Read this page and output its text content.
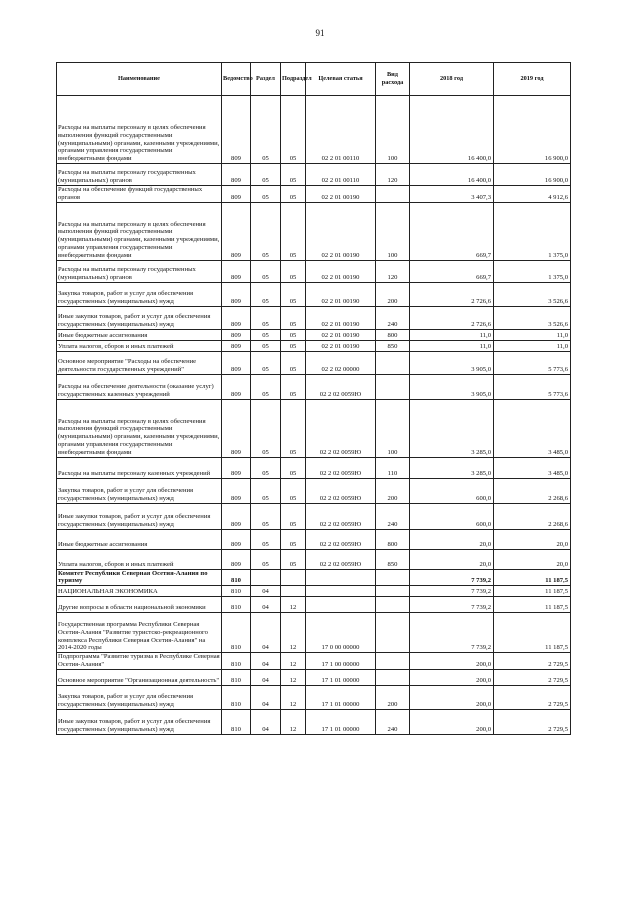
91
Наименование	Ведомство	Раздел	Подраздел	Целевая статья	Вид расхода	2018 год	2019 год
Расходы на выплаты персоналу в целях обеспечения выполнения функций государственными (муниципальными) органами, казенными учреждениями, органами управления государственными внебюджетными фондами	809	05	05	02 2 01 00110	100	16 400,0	16 900,0
Расходы на выплаты персоналу государственных (муниципальных) органов	809	05	05	02 2 01 00110	120	16 400,0	16 900,0
Расходы на обеспечение функций государственных органов	809	05	05	02 2 01 00190		3 407,3	4 912,6
Расходы на выплаты персоналу в целях обеспечения выполнения функций государственными (муниципальными) органами, казенными учреждениями, органами управления государственными внебюджетными фондами	809	05	05	02 2 01 00190	100	669,7	1 375,0
Расходы на выплаты персоналу государственных (муниципальных) органов	809	05	05	02 2 01 00190	120	669,7	1 375,0
Закупка товаров, работ и услуг для обеспечения государственных (муниципальных) нужд	809	05	05	02 2 01 00190	200	2 726,6	3 526,6
Иные закупки товаров, работ и услуг для обеспечения государственных (муниципальных) нужд	809	05	05	02 2 01 00190	240	2 726,6	3 526,6
Иные бюджетные ассигнования	809	05	05	02 2 01 00190	800	11,0	11,0
Уплата налогов, сборов и иных платежей	809	05	05	02 2 01 00190	850	11,0	11,0
Основное мероприятие "Расходы на обеспечение деятельности государственных учреждений"	809	05	05	02 2 02 00000		3 905,0	5 773,6
Расходы на обеспечение деятельности (оказание услуг) государственных казенных учреждений	809	05	05	02 2 02 0059Ю		3 905,0	5 773,6
Расходы на выплаты персоналу в целях обеспечения выполнения функций государственными (муниципальными) органами, казенными учреждениями, органами управления государственными внебюджетными фондами	809	05	05	02 2 02 0059Ю	100	3 285,0	3 485,0
Расходы на выплаты персоналу казенных учреждений	809	05	05	02 2 02 0059Ю	110	3 285,0	3 485,0
Закупка товаров, работ и услуг для обеспечения государственных (муниципальных) нужд	809	05	05	02 2 02 0059Ю	200	600,0	2 268,6
Иные закупки товаров, работ и услуг для обеспечения государственных (муниципальных) нужд	809	05	05	02 2 02 0059Ю	240	600,0	2 268,6
Иные бюджетные ассигнования	809	05	05	02 2 02 0059Ю	800	20,0	20,0
Уплата налогов, сборов и иных платежей	809	05	05	02 2 02 0059Ю	850	20,0	20,0
Комитет Республики Северная Осетия-Алания по туризму	810					7 739,2	11 187,5
НАЦИОНАЛЬНАЯ ЭКОНОМИКА	810	04				7 739,2	11 187,5
Другие вопросы в области национальной экономики	810	04	12			7 739,2	11 187,5
Государственная программа Республики Северная Осетия-Алания "Развитие туристско-рекреационного комплекса Республики Северная Осетия-Алания" на 2014-2020 годы	810	04	12	17 0 00 00000		7 739,2	11 187,5
Подпрограмма "Развитие туризма в Республике Северная Осетия-Алания"	810	04	12	17 1 00 00000		200,0	2 729,5
Основное мероприятие "Организационная деятельность"	810	04	12	17 1 01 00000		200,0	2 729,5
Закупка товаров, работ и услуг для обеспечения государственных (муниципальных) нужд	810	04	12	17 1 01 00000	200	200,0	2 729,5
Иные закупки товаров, работ и услуг для обеспечения государственных (муниципальных) нужд	810	04	12	17 1 01 00000	240	200,0	2 729,5
